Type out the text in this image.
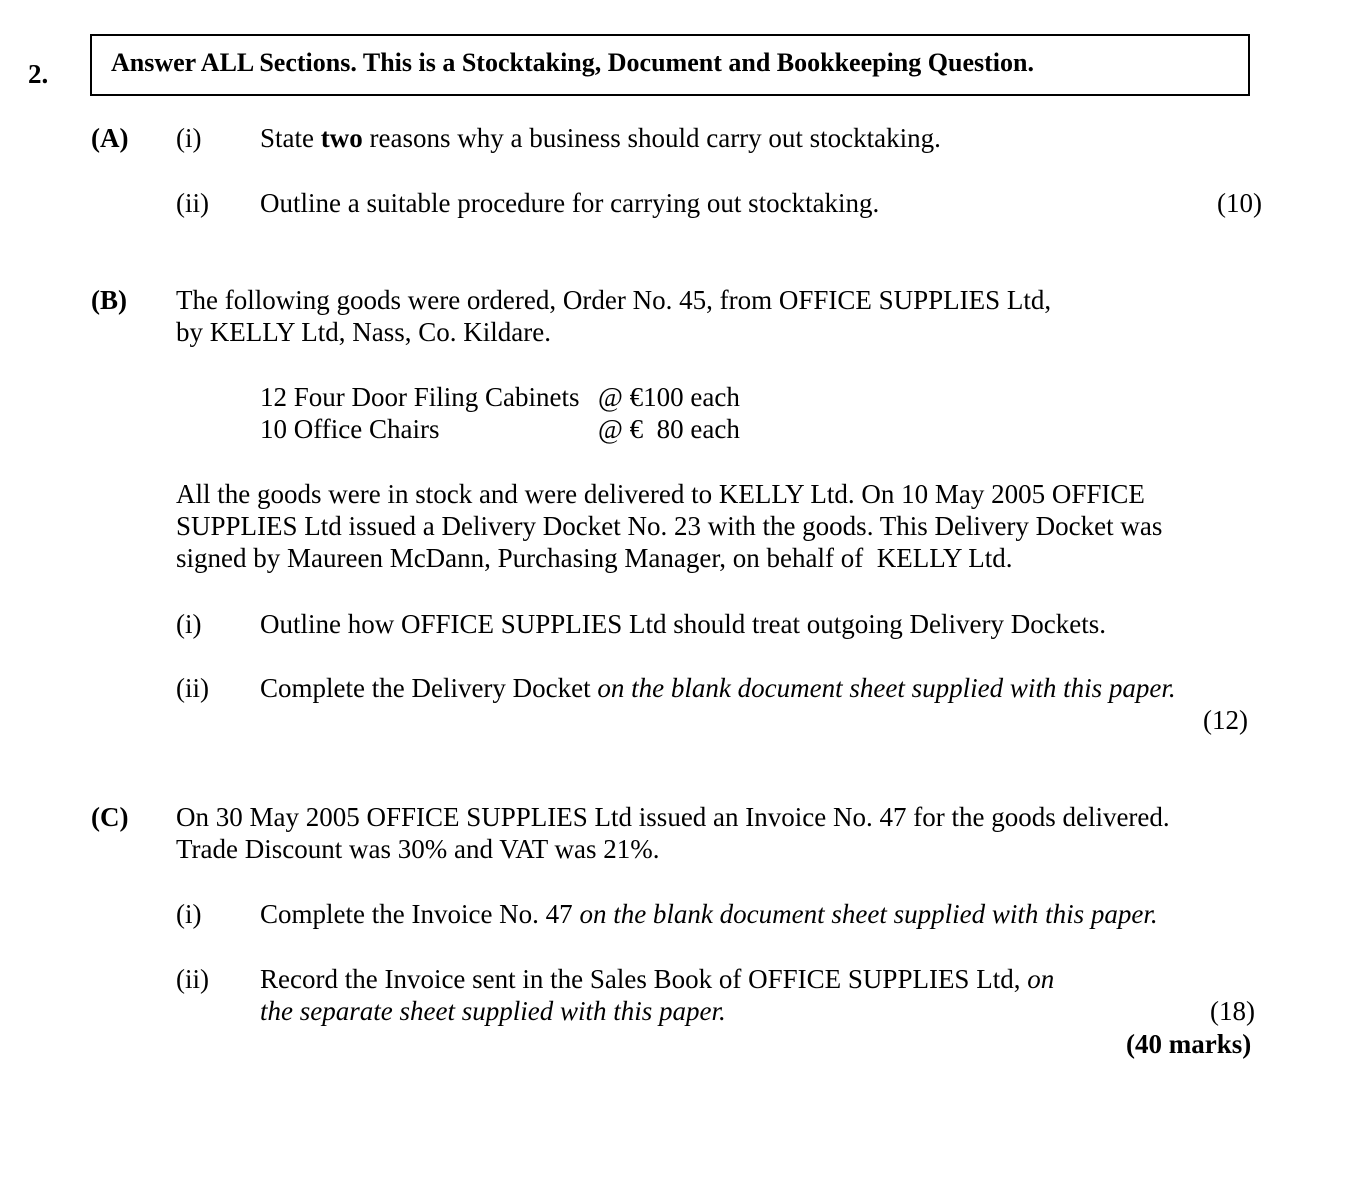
2. Answer ALL Sections. This is a Stocktaking, Document and Bookkeeping Question.
(A) (i) State two reasons why a business should carry out stocktaking.
(ii) Outline a suitable procedure for carrying out stocktaking.	(10)
(B) The following goods were ordered, Order No. 45, from OFFICE SUPPLIES Ltd,
by KELLY Ltd, Nass, Co. Kildare.
12 Four Door Filing Cabinets @ €100 each
10 Office Chairs	@ €  80 each
All the goods were in stock and were delivered to KELLY Ltd. On 10 May 2005 OFFICE
SUPPLIES Ltd issued a Delivery Docket No. 23 with the goods. This Delivery Docket was
signed by Maureen McDann, Purchasing Manager, on behalf of  KELLY Ltd.
(i) Outline how OFFICE SUPPLIES Ltd should treat outgoing Delivery Dockets.
(ii) Complete the Delivery Docket on the blank document sheet supplied with this paper.
(12)
(C) On 30 May 2005 OFFICE SUPPLIES Ltd issued an Invoice No. 47 for the goods delivered.
Trade Discount was 30% and VAT was 21%.
(i) Complete the Invoice No. 47 on the blank document sheet supplied with this paper.
(ii) Record the Invoice sent in the Sales Book of OFFICE SUPPLIES Ltd, on
the separate sheet supplied with this paper.	(18)
(40 marks)
